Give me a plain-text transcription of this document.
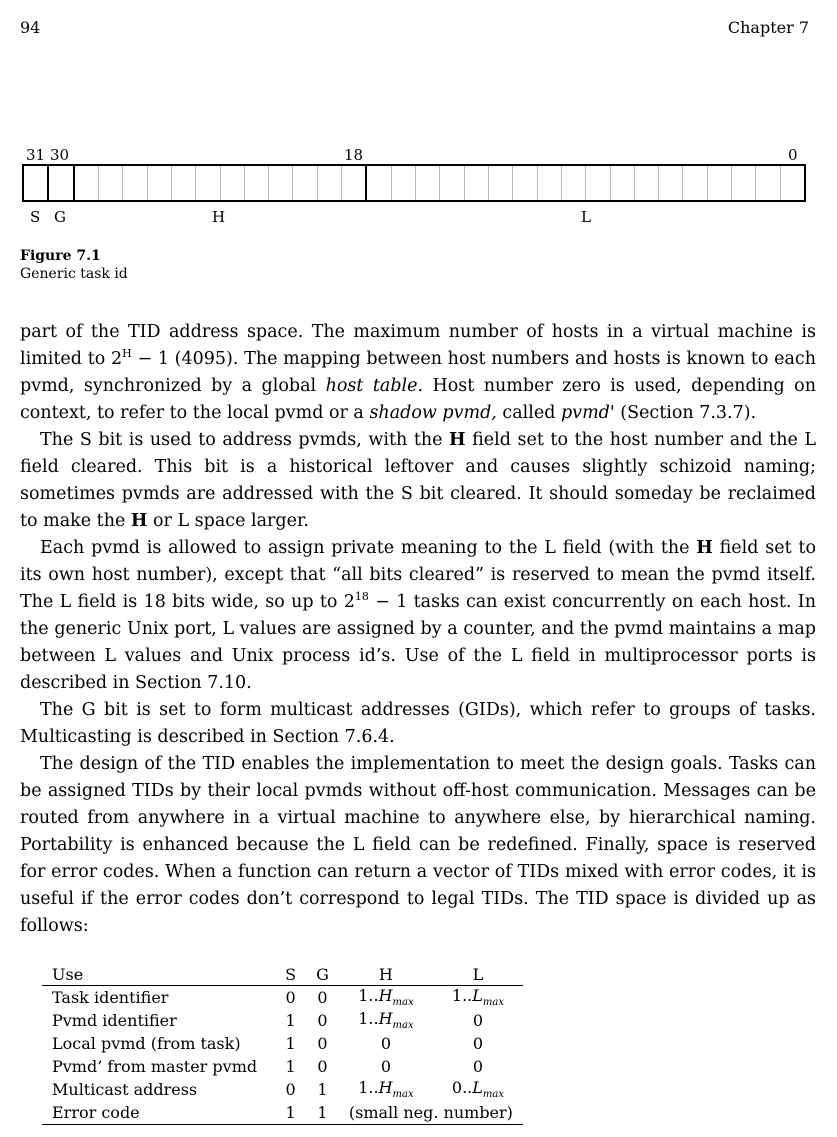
94	Chapter 7
31 30	18	0
S G	H	L
Figure 7.1
Generic task id

part of the TID address space. The maximum number of hosts in a virtual machine is limited to $2^H - 1$ (4095). The mapping between host numbers and hosts is known to each pvmd, synchronized by a global host table. Host number zero is used, depending on context, to refer to the local pvmd or a shadow pvmd, called pvmd' (Section 7.3.7).

The S bit is used to address pvmds, with the H field set to the host number and the L field cleared. This bit is a historical leftover and causes slightly schizoid naming; sometimes pvmds are addressed with the S bit cleared. It should someday be reclaimed to make the H or L space larger.

Each pvmd is allowed to assign private meaning to the L field (with the H field set to its own host number), except that “all bits cleared” is reserved to mean the pvmd itself. The L field is 18 bits wide, so up to $2^{18} - 1$ tasks can exist concurrently on each host. In the generic Unix port, L values are assigned by a counter, and the pvmd maintains a map between L values and Unix process id’s. Use of the L field in multiprocessor ports is described in Section 7.10.

The G bit is set to form multicast addresses (GIDs), which refer to groups of tasks. Multicasting is described in Section 7.6.4.

The design of the TID enables the implementation to meet the design goals. Tasks can be assigned TIDs by their local pvmds without off-host communication. Messages can be routed from anywhere in a virtual machine to anywhere else, by hierarchical naming. Portability is enhanced because the L field can be redefined. Finally, space is reserved for error codes. When a function can return a vector of TIDs mixed with error codes, it is useful if the error codes don’t correspond to legal TIDs. The TID space is divided up as follows:

Use	S	G	H	L
Task identifier	0	0	$1..H_{max}$	$1..L_{max}$
Pvmd identifier	1	0	$1..H_{max}$	0
Local pvmd (from task)	1	0	0	0
Pvmd’ from master pvmd	1	0	0	0
Multicast address	0	1	$1..H_{max}$	$0..L_{max}$
Error code	1	1	(small neg. number)	
